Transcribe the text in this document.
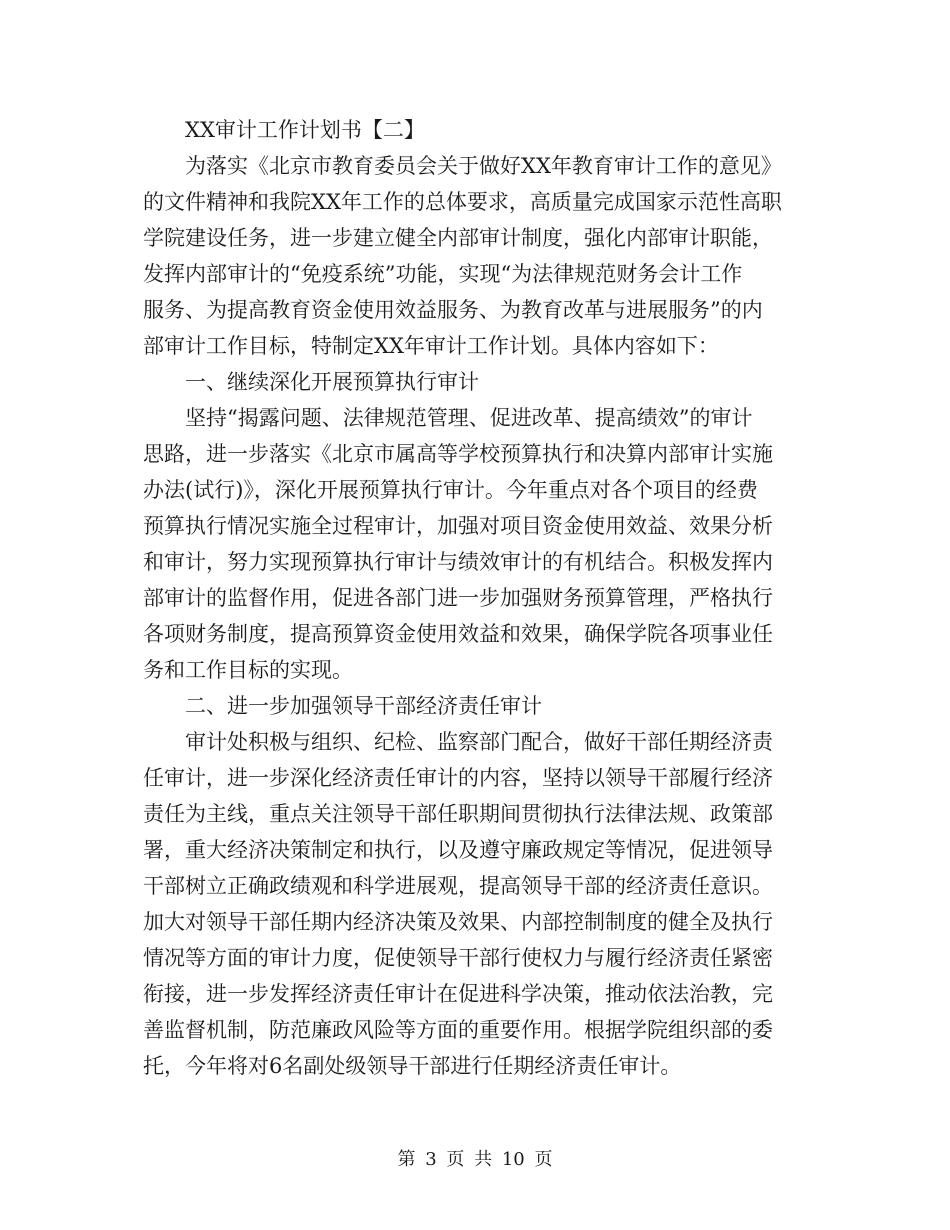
　　XX审计工作计划书【二】
　　为落实《北京市教育委员会关于做好XX年教育审计工作的意见》
的文件精神和我院XX年工作的总体要求，高质量完成国家示范性高职
学院建设任务，进一步建立健全内部审计制度，强化内部审计职能，
发挥内部审计的“免疫系统”功能，实现“为法律规范财务会计工作
服务、为提高教育资金使用效益服务、为教育改革与进展服务”的内
部审计工作目标，特制定XX年审计工作计划。具体内容如下：
　　一、继续深化开展预算执行审计
　　坚持“揭露问题、法律规范管理、促进改革、提高绩效”的审计
思路，进一步落实《北京市属高等学校预算执行和决算内部审计实施
办法(试行)》，深化开展预算执行审计。今年重点对各个项目的经费
预算执行情况实施全过程审计，加强对项目资金使用效益、效果分析
和审计，努力实现预算执行审计与绩效审计的有机结合。积极发挥内
部审计的监督作用，促进各部门进一步加强财务预算管理，严格执行
各项财务制度，提高预算资金使用效益和效果，确保学院各项事业任
务和工作目标的实现。
　　二、进一步加强领导干部经济责任审计
　　审计处积极与组织、纪检、监察部门配合，做好干部任期经济责
任审计，进一步深化经济责任审计的内容，坚持以领导干部履行经济
责任为主线，重点关注领导干部任职期间贯彻执行法律法规、政策部
署，重大经济决策制定和执行，以及遵守廉政规定等情况，促进领导
干部树立正确政绩观和科学进展观，提高领导干部的经济责任意识。
加大对领导干部任期内经济决策及效果、内部控制制度的健全及执行
情况等方面的审计力度，促使领导干部行使权力与履行经济责任紧密
衔接，进一步发挥经济责任审计在促进科学决策，推动依法治教，完
善监督机制，防范廉政风险等方面的重要作用。根据学院组织部的委
托，今年将对6名副处级领导干部进行任期经济责任审计。
第 3 页 共 10 页
